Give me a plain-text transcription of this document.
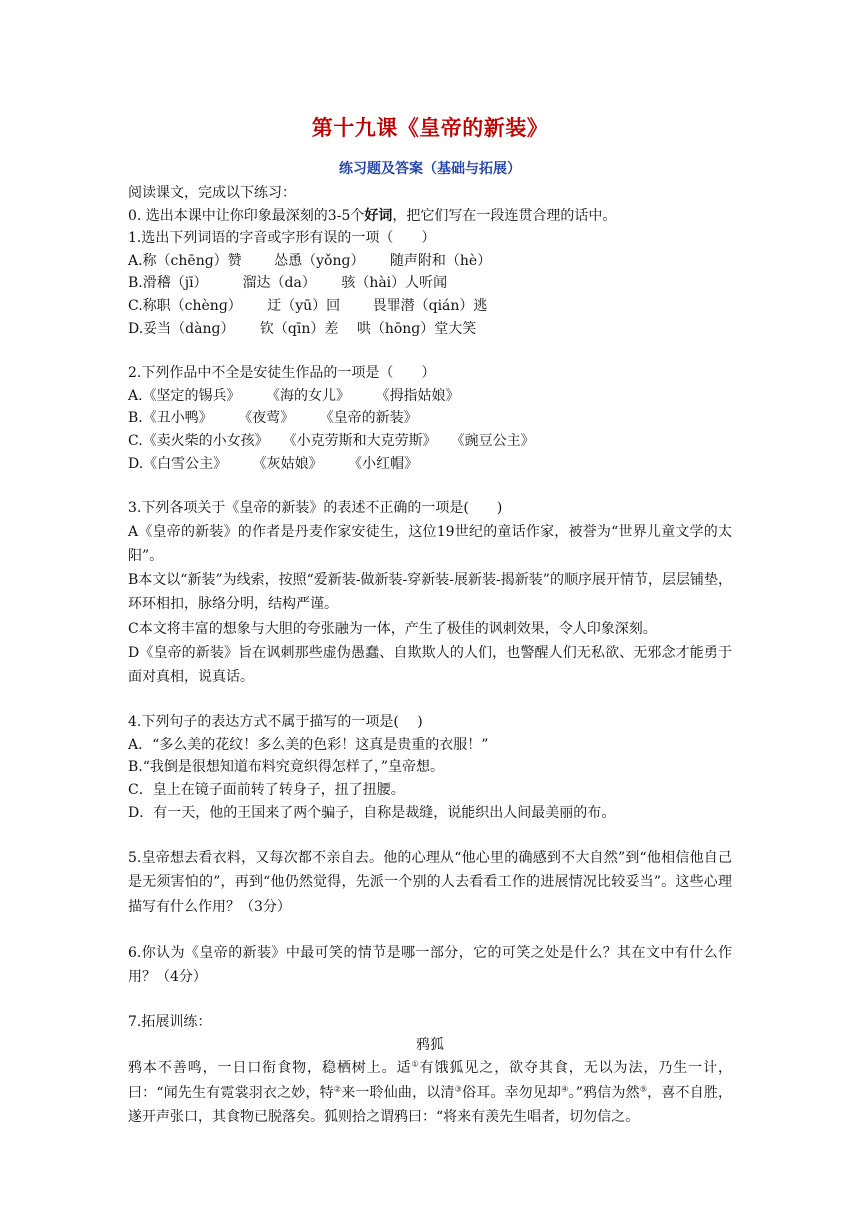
第十九课《皇帝的新装》
练习题及答案（基础与拓展）

阅读课文，完成以下练习：

0. 选出本课中让你印象最深刻的3-5个好词，把它们写在一段连贯合理的话中。

1.选出下列词语的字音或字形有误的一项（　　）

A.称（chēnɡ）赞　　 怂恿（yǒnɡ）　　 随声附和（hè）

B.滑稽（jī）　　　溜达（da）　　 骇（hài）人听闻

C.称职（chènɡ）　　 迂（yū）回　　 畏罪潜（qián）逃

D.妥当（dànɡ）　　 钦（qīn）差　 哄（hōnɡ）堂大笑

2.下列作品中不全是安徒生作品的一项是（　　）

A.《坚定的锡兵》　　 《海的女儿》　　 《拇指姑娘》

B.《丑小鸭》　　 《夜莺》　　 《皇帝的新装》

C.《卖火柴的小女孩》　　《小克劳斯和大克劳斯》　　《豌豆公主》

D.《白雪公主》　　 《灰姑娘》　　 《小红帽》

3.下列各项关于《皇帝的新装》的表述不正确的一项是(　　)

A《皇帝的新装》的作者是丹麦作家安徒生，这位19世纪的童话作家，被誉为“世界儿童文学的太阳”。

B本文以“新装”为线索，按照“爱新装-做新装-穿新装-展新装-揭新装”的顺序展开情节，层层铺垫，环环相扣，脉络分明，结构严谨。

C本文将丰富的想象与大胆的夸张融为一体，产生了极佳的讽刺效果，令人印象深刻。

D《皇帝的新装》旨在讽刺那些虚伪愚蠢、自欺欺人的人们，也警醒人们无私欲、无邪念才能勇于面对真相，说真话。

4.下列句子的表达方式不属于描写的一项是(　 )

A．“多么美的花纹！多么美的色彩！这真是贵重的衣服！”

B.“我倒是很想知道布料究竟织得怎样了，”皇帝想。

C．皇上在镜子面前转了转身子，扭了扭腰。

D．有一天，他的王国来了两个骗子，自称是裁缝，说能织出人间最美丽的布。

5.皇帝想去看衣料，又每次都不亲自去。他的心理从“他心里的确感到不大自然”到“他相信他自己是无须害怕的”，再到“他仍然觉得，先派一个别的人去看看工作的进展情况比较妥当”。这些心理描写有什么作用？（3分）

6.你认为《皇帝的新装》中最可笑的情节是哪一部分，它的可笑之处是什么？其在文中有什么作用？（4分）

7.拓展训练：

鸦狐

鸦本不善鸣，一日口衔食物，稳栖树上。适①有饿狐见之，欲夺其食，无以为法，乃生一计，曰：“闻先生有霓裳羽衣之妙，特②来一聆仙曲，以清③俗耳。幸勿见却④。”鸦信为然⑤，喜不自胜，遂开声张口，其食物已脱落矣。狐则拾之谓鸦曰：“将来有羡先生唱者，切勿信之。
